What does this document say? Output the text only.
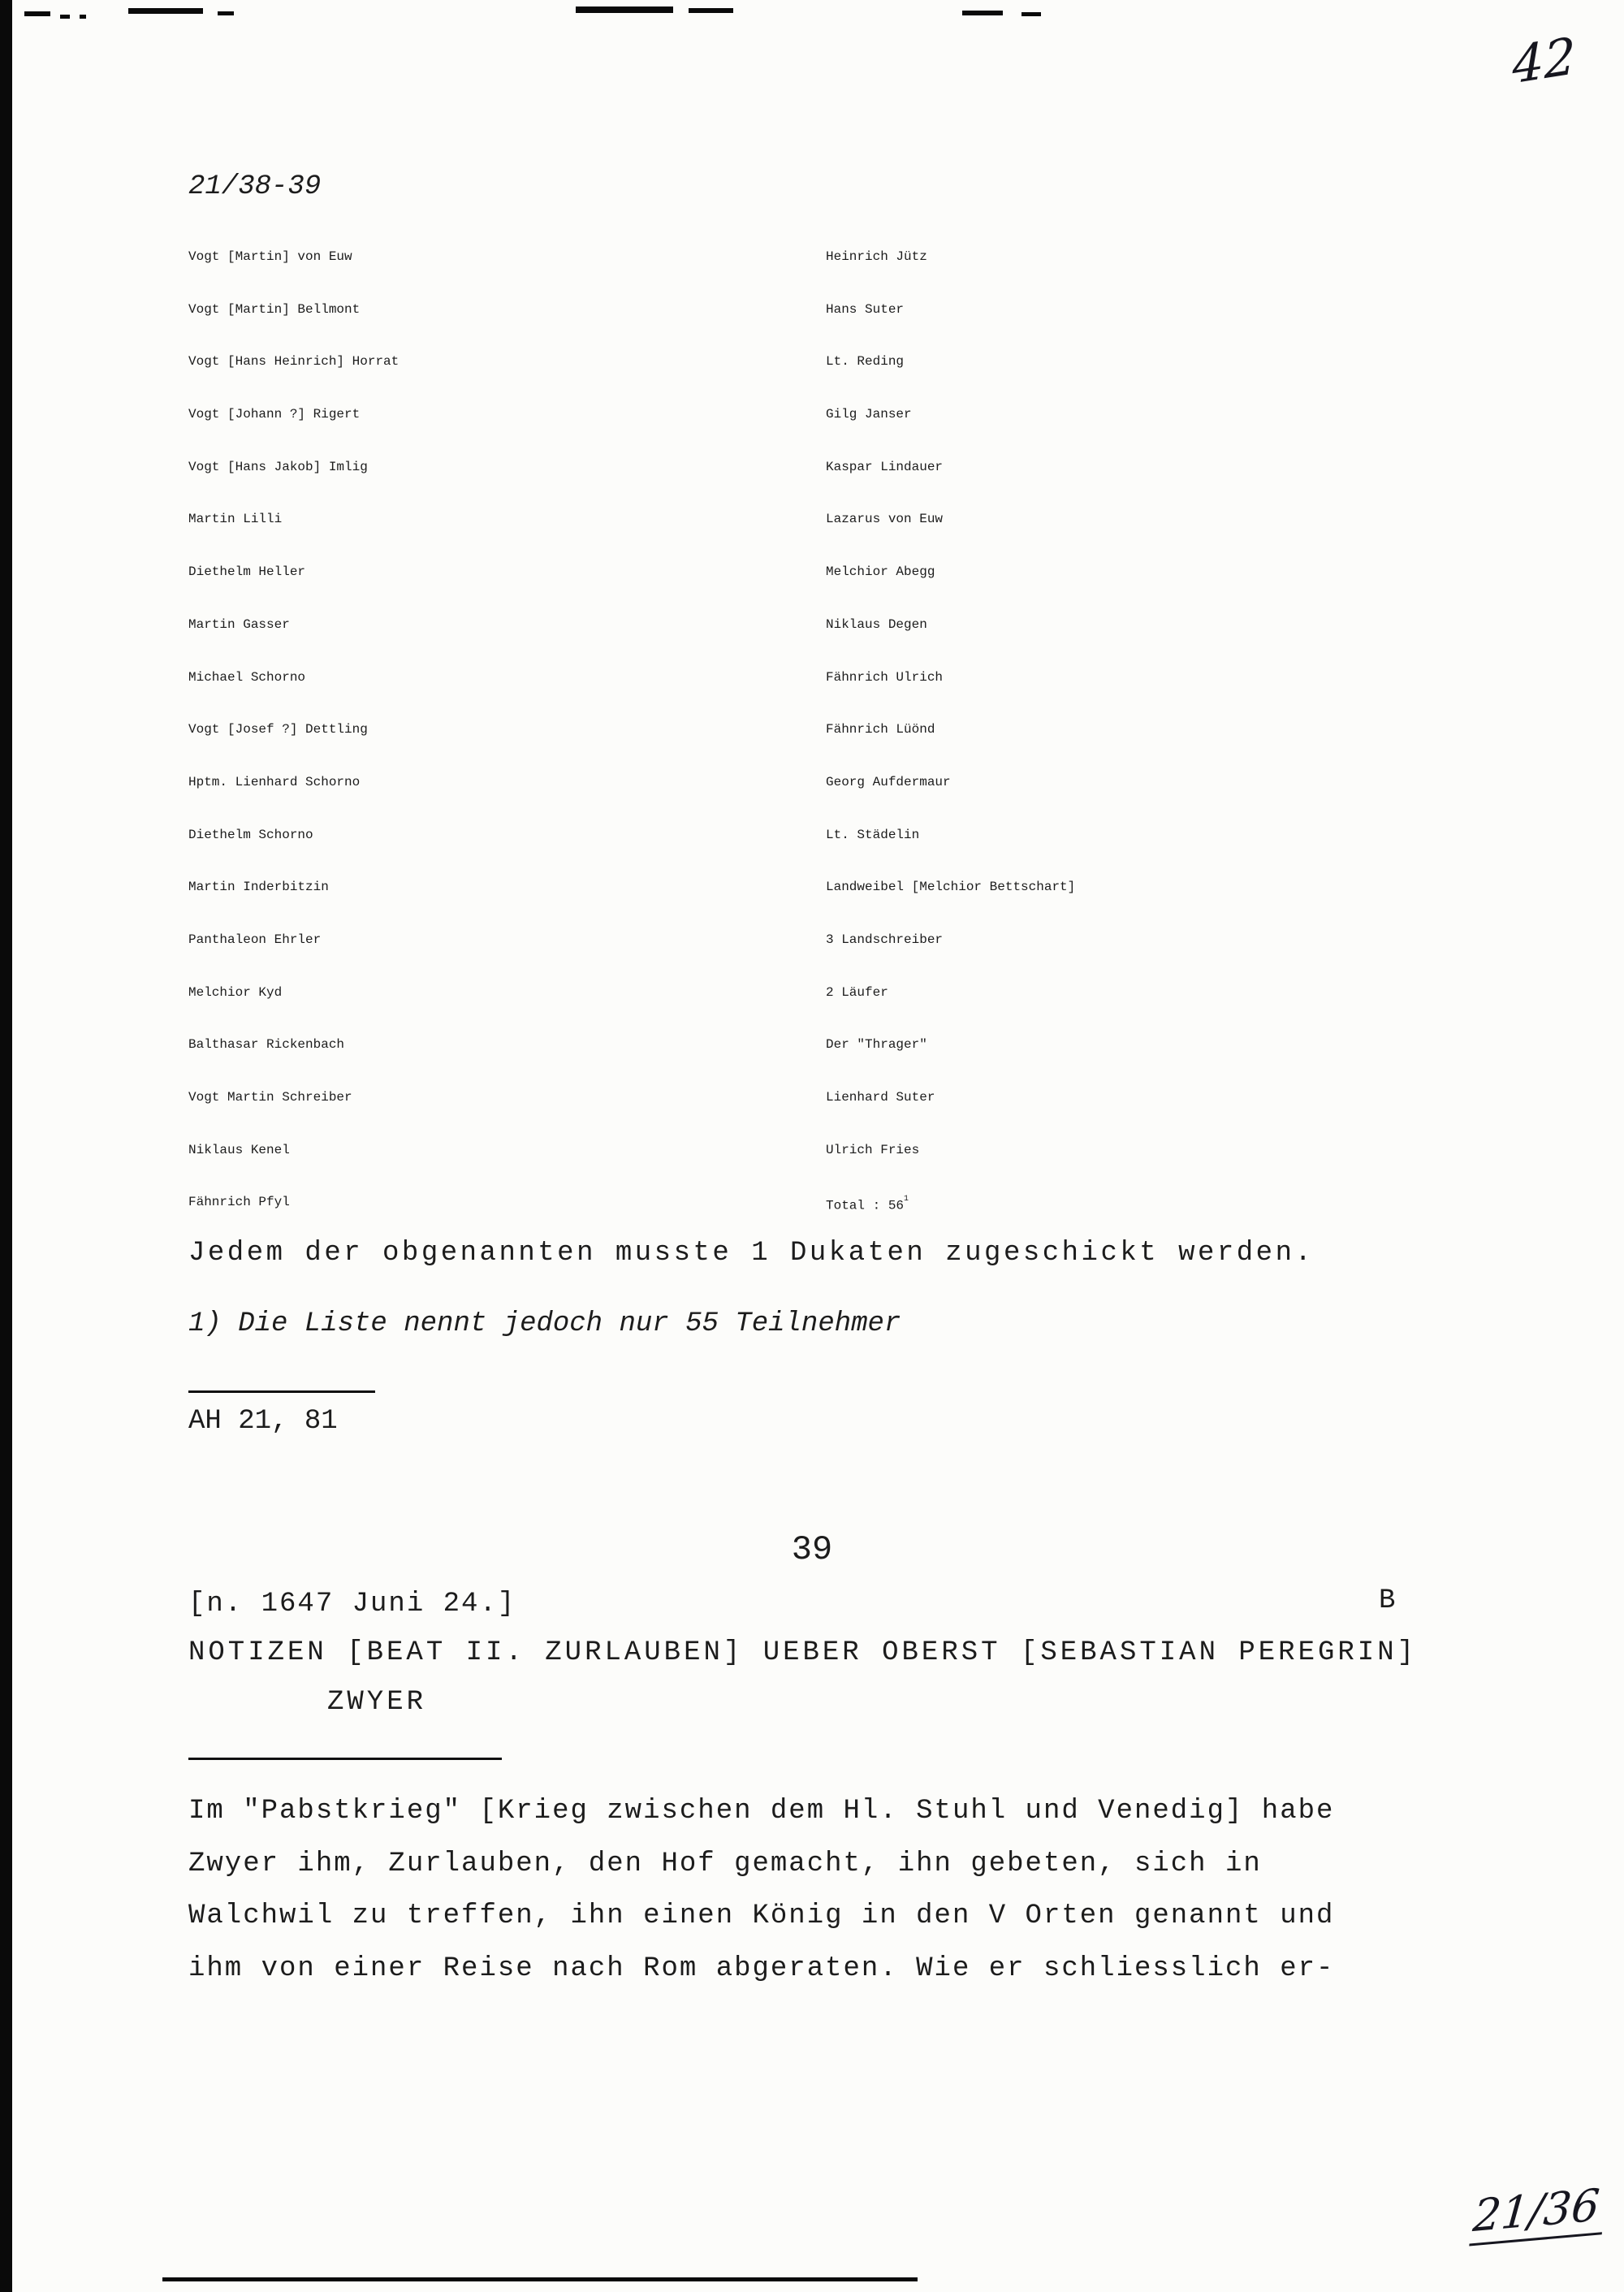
42
21/36
21/38-39
Vogt [Martin] von Euw	Heinrich Jütz
Vogt [Martin] Bellmont	Hans Suter
Vogt [Hans Heinrich] Horrat	Lt. Reding
Vogt [Johann ?] Rigert	Gilg Janser
Vogt [Hans Jakob] Imlig	Kaspar Lindauer
Martin Lilli	Lazarus von Euw
Diethelm Heller	Melchior Abegg
Martin Gasser	Niklaus Degen
Michael Schorno	Fähnrich Ulrich
Vogt [Josef ?] Dettling	Fähnrich Lüönd
Hptm. Lienhard Schorno	Georg Aufdermaur
Diethelm Schorno	Lt. Städelin
Martin Inderbitzin	Landweibel [Melchior Bettschart]
Panthaleon Ehrler	3 Landschreiber
Melchior Kyd	2 Läufer
Balthasar Rickenbach	Der "Thrager"
Vogt Martin Schreiber	Lienhard Suter
Niklaus Kenel	Ulrich Fries
Fähnrich Pfyl	Total : 56$^1$
Jedem der obgenannten musste 1 Dukaten zugeschickt werden.
1) Die Liste nennt jedoch nur 55 Teilnehmer
AH 21, 81
39
[n. 1647 Juni 24.]	B
NOTIZEN [BEAT II. ZURLAUBEN] UEBER OBERST [SEBASTIAN PEREGRIN]
ZWYER
Im "Pabstkrieg" [Krieg zwischen dem Hl. Stuhl und Venedig] habe
Zwyer ihm, Zurlauben, den Hof gemacht, ihn gebeten, sich in
Walchwil zu treffen, ihn einen König in den V Orten genannt und
ihm von einer Reise nach Rom abgeraten. Wie er schliesslich er-
